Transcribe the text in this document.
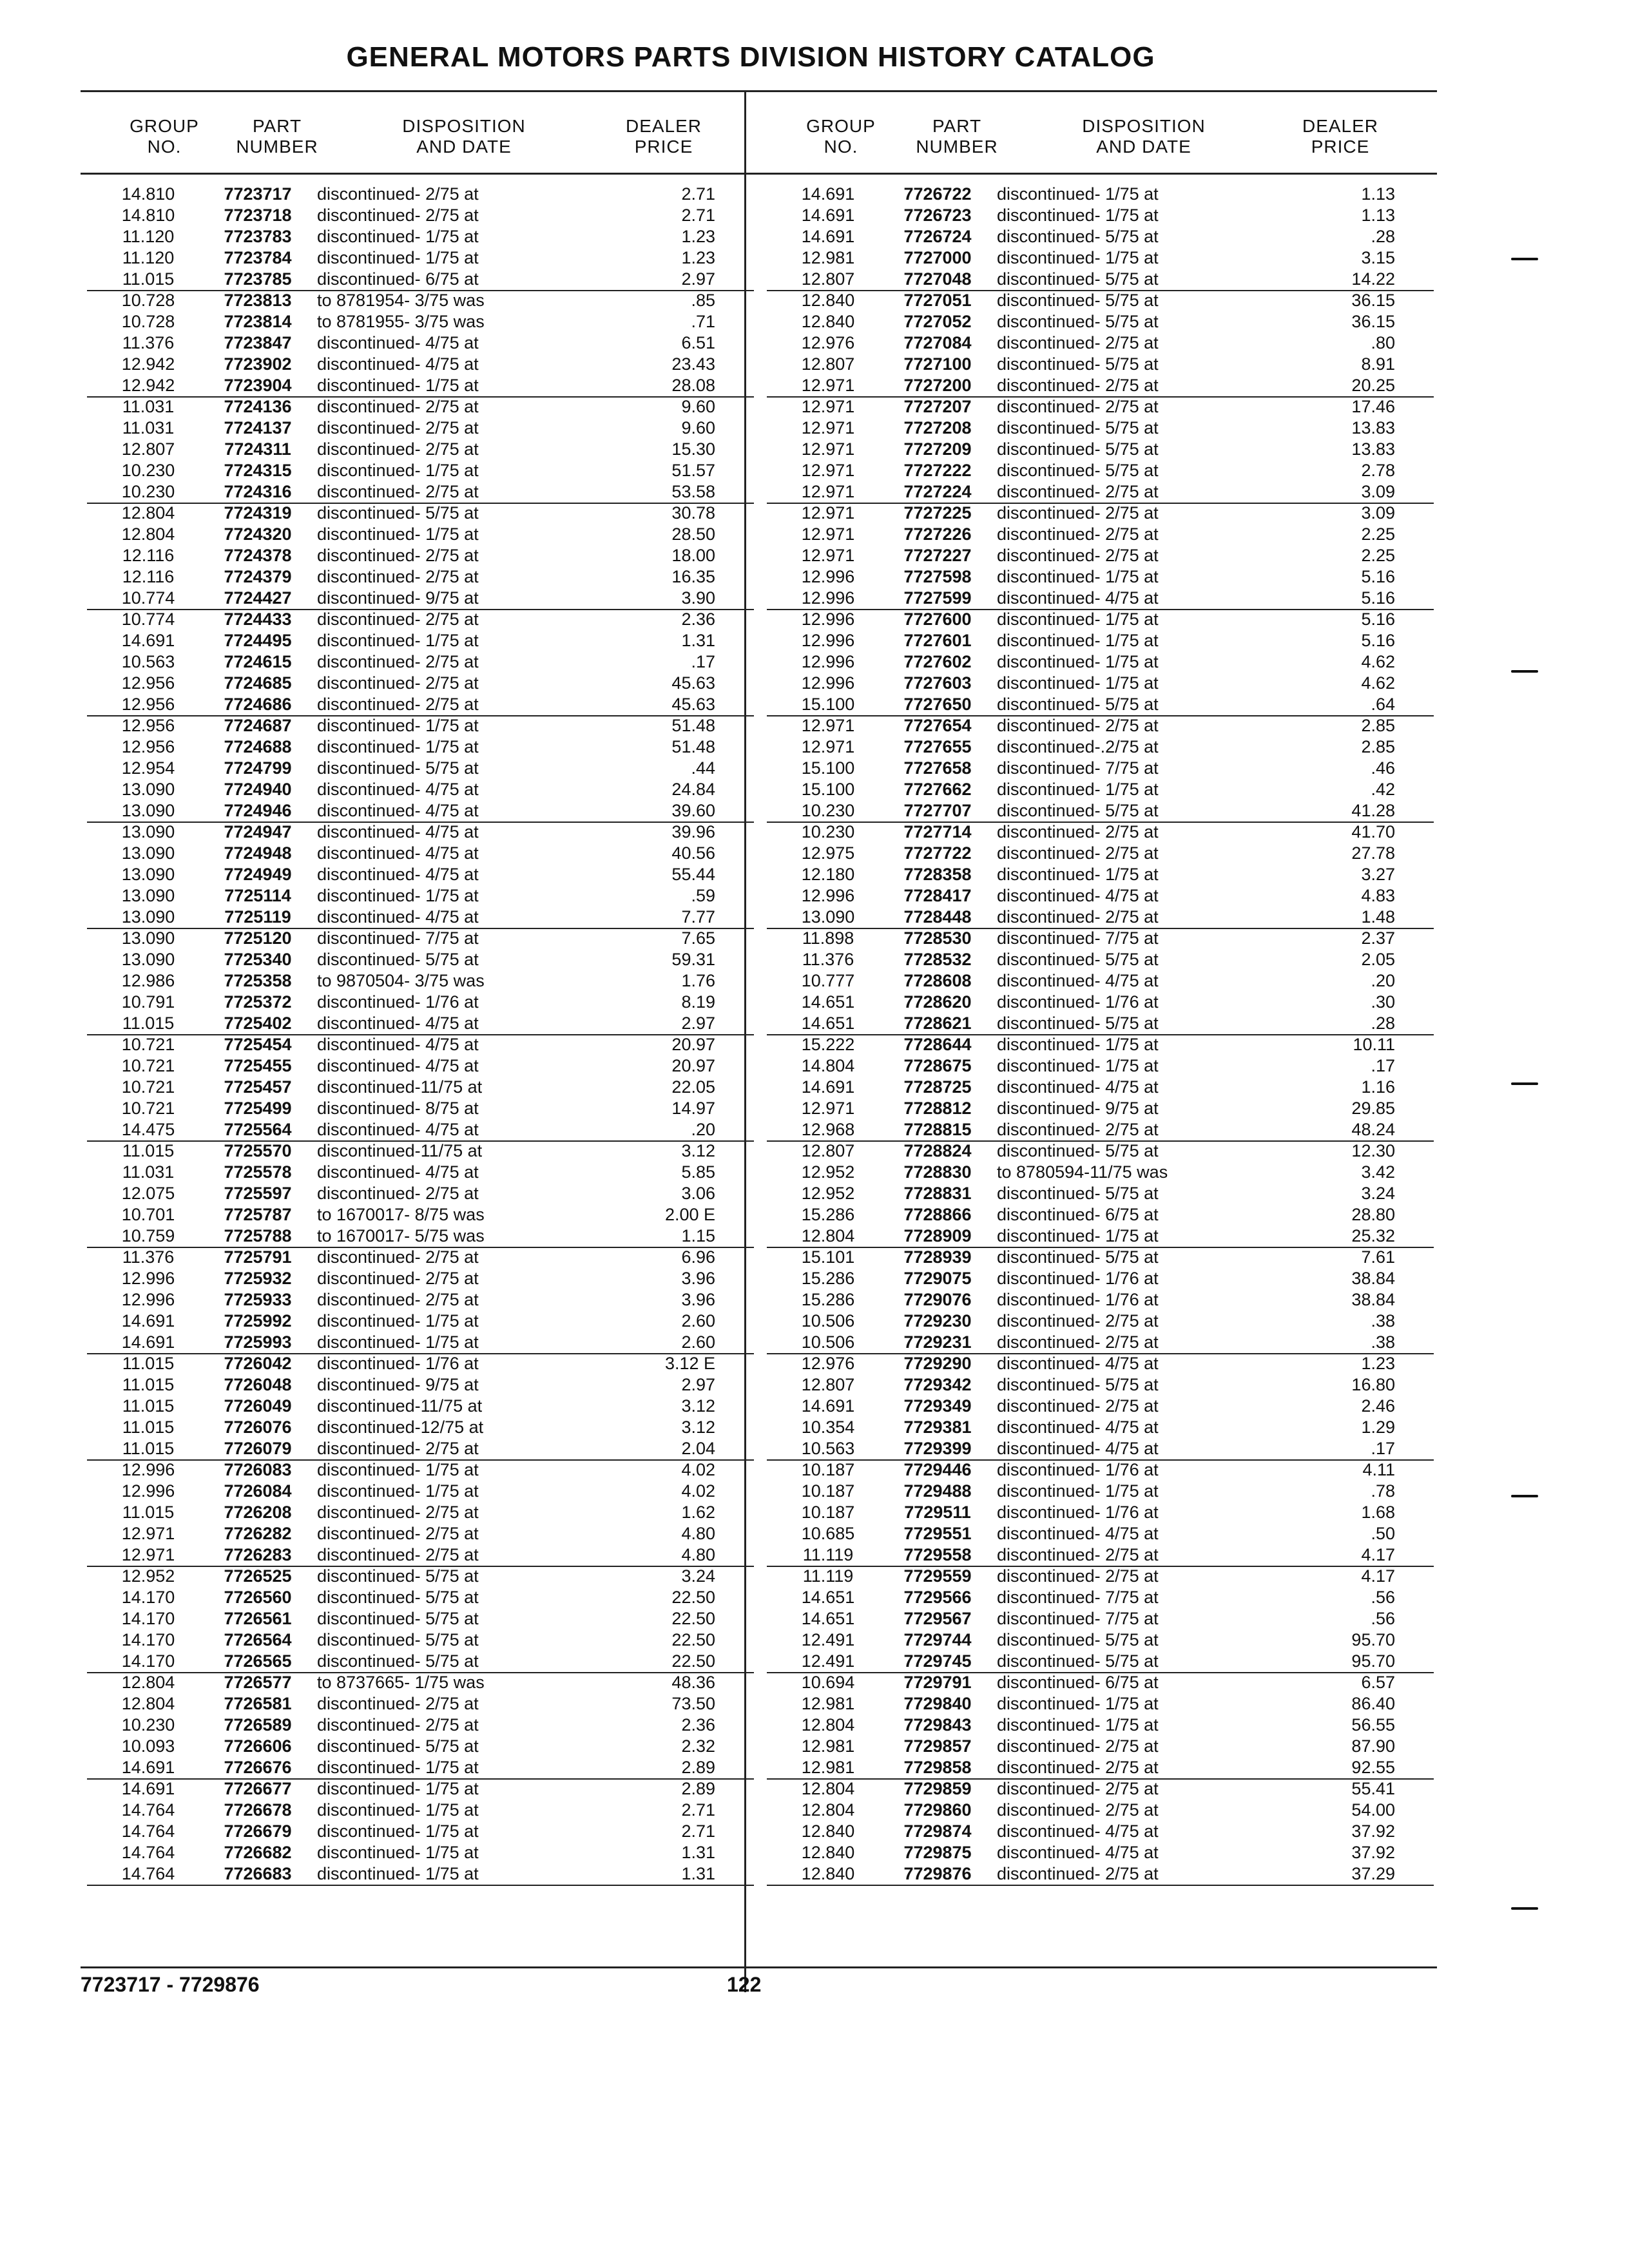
GENERAL MOTORS PARTS DIVISION HISTORY CATALOG
GROUP
NO.
PART
NUMBER
DISPOSITION
AND DATE
DEALER
PRICE
GROUP
NO.
PART
NUMBER
DISPOSITION
AND DATE
DEALER
PRICE
14.810	7723717	discontinued- 2/75 at	2.71
14.810	7723718	discontinued- 2/75 at	2.71
11.120	7723783	discontinued- 1/75 at	1.23
11.120	7723784	discontinued- 1/75 at	1.23
11.015	7723785	discontinued- 6/75 at	2.97
10.728	7723813	to 8781954- 3/75 was	.85
10.728	7723814	to 8781955- 3/75 was	.71
11.376	7723847	discontinued- 4/75 at	6.51
12.942	7723902	discontinued- 4/75 at	23.43
12.942	7723904	discontinued- 1/75 at	28.08
11.031	7724136	discontinued- 2/75 at	9.60
11.031	7724137	discontinued- 2/75 at	9.60
12.807	7724311	discontinued- 2/75 at	15.30
10.230	7724315	discontinued- 1/75 at	51.57
10.230	7724316	discontinued- 2/75 at	53.58
12.804	7724319	discontinued- 5/75 at	30.78
12.804	7724320	discontinued- 1/75 at	28.50
12.116	7724378	discontinued- 2/75 at	18.00
12.116	7724379	discontinued- 2/75 at	16.35
10.774	7724427	discontinued- 9/75 at	3.90
10.774	7724433	discontinued- 2/75 at	2.36
14.691	7724495	discontinued- 1/75 at	1.31
10.563	7724615	discontinued- 2/75 at	.17
12.956	7724685	discontinued- 2/75 at	45.63
12.956	7724686	discontinued- 2/75 at	45.63
12.956	7724687	discontinued- 1/75 at	51.48
12.956	7724688	discontinued- 1/75 at	51.48
12.954	7724799	discontinued- 5/75 at	.44
13.090	7724940	discontinued- 4/75 at	24.84
13.090	7724946	discontinued- 4/75 at	39.60
13.090	7724947	discontinued- 4/75 at	39.96
13.090	7724948	discontinued- 4/75 at	40.56
13.090	7724949	discontinued- 4/75 at	55.44
13.090	7725114	discontinued- 1/75 at	.59
13.090	7725119	discontinued- 4/75 at	7.77
13.090	7725120	discontinued- 7/75 at	7.65
13.090	7725340	discontinued- 5/75 at	59.31
12.986	7725358	to 9870504- 3/75 was	1.76
10.791	7725372	discontinued- 1/76 at	8.19
11.015	7725402	discontinued- 4/75 at	2.97
10.721	7725454	discontinued- 4/75 at	20.97
10.721	7725455	discontinued- 4/75 at	20.97
10.721	7725457	discontinued-11/75 at	22.05
10.721	7725499	discontinued- 8/75 at	14.97
14.475	7725564	discontinued- 4/75 at	.20
11.015	7725570	discontinued-11/75 at	3.12
11.031	7725578	discontinued- 4/75 at	5.85
12.075	7725597	discontinued- 2/75 at	3.06
10.701	7725787	to 1670017- 8/75 was	2.00 E
10.759	7725788	to 1670017- 5/75 was	1.15
11.376	7725791	discontinued- 2/75 at	6.96
12.996	7725932	discontinued- 2/75 at	3.96
12.996	7725933	discontinued- 2/75 at	3.96
14.691	7725992	discontinued- 1/75 at	2.60
14.691	7725993	discontinued- 1/75 at	2.60
11.015	7726042	discontinued- 1/76 at	3.12 E
11.015	7726048	discontinued- 9/75 at	2.97
11.015	7726049	discontinued-11/75 at	3.12
11.015	7726076	discontinued-12/75 at	3.12
11.015	7726079	discontinued- 2/75 at	2.04
12.996	7726083	discontinued- 1/75 at	4.02
12.996	7726084	discontinued- 1/75 at	4.02
11.015	7726208	discontinued- 2/75 at	1.62
12.971	7726282	discontinued- 2/75 at	4.80
12.971	7726283	discontinued- 2/75 at	4.80
12.952	7726525	discontinued- 5/75 at	3.24
14.170	7726560	discontinued- 5/75 at	22.50
14.170	7726561	discontinued- 5/75 at	22.50
14.170	7726564	discontinued- 5/75 at	22.50
14.170	7726565	discontinued- 5/75 at	22.50
12.804	7726577	to 8737665- 1/75 was	48.36
12.804	7726581	discontinued- 2/75 at	73.50
10.230	7726589	discontinued- 2/75 at	2.36
10.093	7726606	discontinued- 5/75 at	2.32
14.691	7726676	discontinued- 1/75 at	2.89
14.691	7726677	discontinued- 1/75 at	2.89
14.764	7726678	discontinued- 1/75 at	2.71
14.764	7726679	discontinued- 1/75 at	2.71
14.764	7726682	discontinued- 1/75 at	1.31
14.764	7726683	discontinued- 1/75 at	1.31
14.691	7726722	discontinued- 1/75 at	1.13
14.691	7726723	discontinued- 1/75 at	1.13
14.691	7726724	discontinued- 5/75 at	.28
12.981	7727000	discontinued- 1/75 at	3.15
12.807	7727048	discontinued- 5/75 at	14.22
12.840	7727051	discontinued- 5/75 at	36.15
12.840	7727052	discontinued- 5/75 at	36.15
12.976	7727084	discontinued- 2/75 at	.80
12.807	7727100	discontinued- 5/75 at	8.91
12.971	7727200	discontinued- 2/75 at	20.25
12.971	7727207	discontinued- 2/75 at	17.46
12.971	7727208	discontinued- 5/75 at	13.83
12.971	7727209	discontinued- 5/75 at	13.83
12.971	7727222	discontinued- 5/75 at	2.78
12.971	7727224	discontinued- 2/75 at	3.09
12.971	7727225	discontinued- 2/75 at	3.09
12.971	7727226	discontinued- 2/75 at	2.25
12.971	7727227	discontinued- 2/75 at	2.25
12.996	7727598	discontinued- 1/75 at	5.16
12.996	7727599	discontinued- 4/75 at	5.16
12.996	7727600	discontinued- 1/75 at	5.16
12.996	7727601	discontinued- 1/75 at	5.16
12.996	7727602	discontinued- 1/75 at	4.62
12.996	7727603	discontinued- 1/75 at	4.62
15.100	7727650	discontinued- 5/75 at	.64
12.971	7727654	discontinued- 2/75 at	2.85
12.971	7727655	discontinued-.2/75 at	2.85
15.100	7727658	discontinued- 7/75 at	.46
15.100	7727662	discontinued- 1/75 at	.42
10.230	7727707	discontinued- 5/75 at	41.28
10.230	7727714	discontinued- 2/75 at	41.70
12.975	7727722	discontinued- 2/75 at	27.78
12.180	7728358	discontinued- 1/75 at	3.27
12.996	7728417	discontinued- 4/75 at	4.83
13.090	7728448	discontinued- 2/75 at	1.48
11.898	7728530	discontinued- 7/75 at	2.37
11.376	7728532	discontinued- 5/75 at	2.05
10.777	7728608	discontinued- 4/75 at	.20
14.651	7728620	discontinued- 1/76 at	.30
14.651	7728621	discontinued- 5/75 at	.28
15.222	7728644	discontinued- 1/75 at	10.11
14.804	7728675	discontinued- 1/75 at	.17
14.691	7728725	discontinued- 4/75 at	1.16
12.971	7728812	discontinued- 9/75 at	29.85
12.968	7728815	discontinued- 2/75 at	48.24
12.807	7728824	discontinued- 5/75 at	12.30
12.952	7728830	to 8780594-11/75 was	3.42
12.952	7728831	discontinued- 5/75 at	3.24
15.286	7728866	discontinued- 6/75 at	28.80
12.804	7728909	discontinued- 1/75 at	25.32
15.101	7728939	discontinued- 5/75 at	7.61
15.286	7729075	discontinued- 1/76 at	38.84
15.286	7729076	discontinued- 1/76 at	38.84
10.506	7729230	discontinued- 2/75 at	.38
10.506	7729231	discontinued- 2/75 at	.38
12.976	7729290	discontinued- 4/75 at	1.23
12.807	7729342	discontinued- 5/75 at	16.80
14.691	7729349	discontinued- 2/75 at	2.46
10.354	7729381	discontinued- 4/75 at	1.29
10.563	7729399	discontinued- 4/75 at	.17
10.187	7729446	discontinued- 1/76 at	4.11
10.187	7729488	discontinued- 1/75 at	.78
10.187	7729511	discontinued- 1/76 at	1.68
10.685	7729551	discontinued- 4/75 at	.50
11.119	7729558	discontinued- 2/75 at	4.17
11.119	7729559	discontinued- 2/75 at	4.17
14.651	7729566	discontinued- 7/75 at	.56
14.651	7729567	discontinued- 7/75 at	.56
12.491	7729744	discontinued- 5/75 at	95.70
12.491	7729745	discontinued- 5/75 at	95.70
10.694	7729791	discontinued- 6/75 at	6.57
12.981	7729840	discontinued- 1/75 at	86.40
12.804	7729843	discontinued- 1/75 at	56.55
12.981	7729857	discontinued- 2/75 at	87.90
12.981	7729858	discontinued- 2/75 at	92.55
12.804	7729859	discontinued- 2/75 at	55.41
12.804	7729860	discontinued- 2/75 at	54.00
12.840	7729874	discontinued- 4/75 at	37.92
12.840	7729875	discontinued- 4/75 at	37.92
12.840	7729876	discontinued- 2/75 at	37.29
7723717 - 7729876	122
